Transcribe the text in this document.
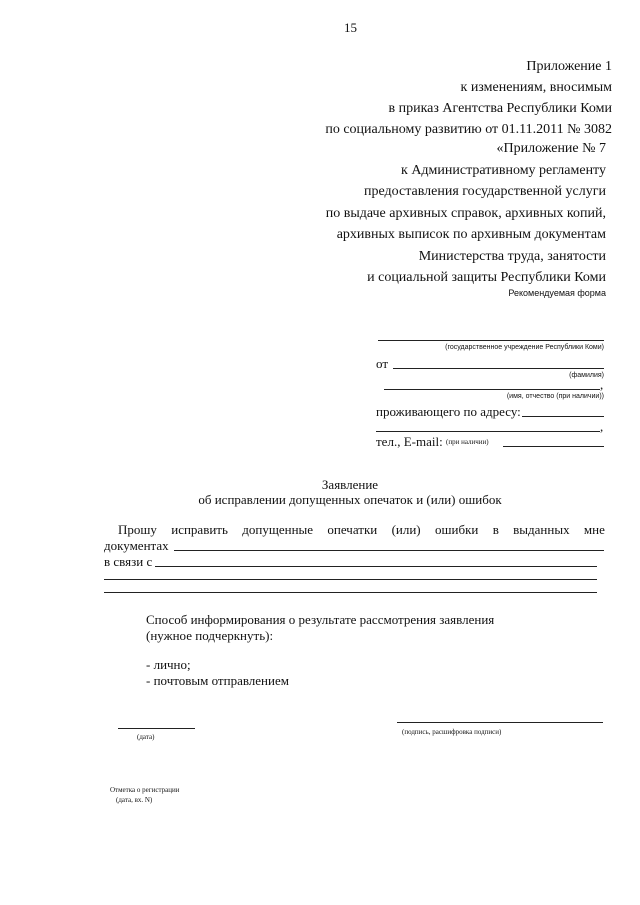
15
Приложение 1
к изменениям, вносимым
в приказ Агентства Республики Коми
по социальному развитию от 01.11.2011 № 3082
«Приложение № 7
к Административному регламенту
предоставления государственной услуги
по выдаче архивных справок, архивных копий,
архивных выписок по архивным документам
Министерства труда, занятости
и социальной защиты Республики Коми
Рекомендуемая форма
(государственное учреждение Республики Коми)
от
(фамилия)
,
(имя, отчество (при наличии))
проживающего по адресу:
,
тел., E-mail: (при наличии)
Заявление
об исправлении допущенных опечаток и (или) ошибок
Прошу исправить допущенные опечатки (или) ошибки в выданных мне
документах
в связи с
Способ информирования о результате рассмотрения заявления
(нужное подчеркнуть):
- лично;
- почтовым отправлением
(дата)
(подпись, расшифровка подписи)
Отметка о регистрации
(дата, вх. N)
